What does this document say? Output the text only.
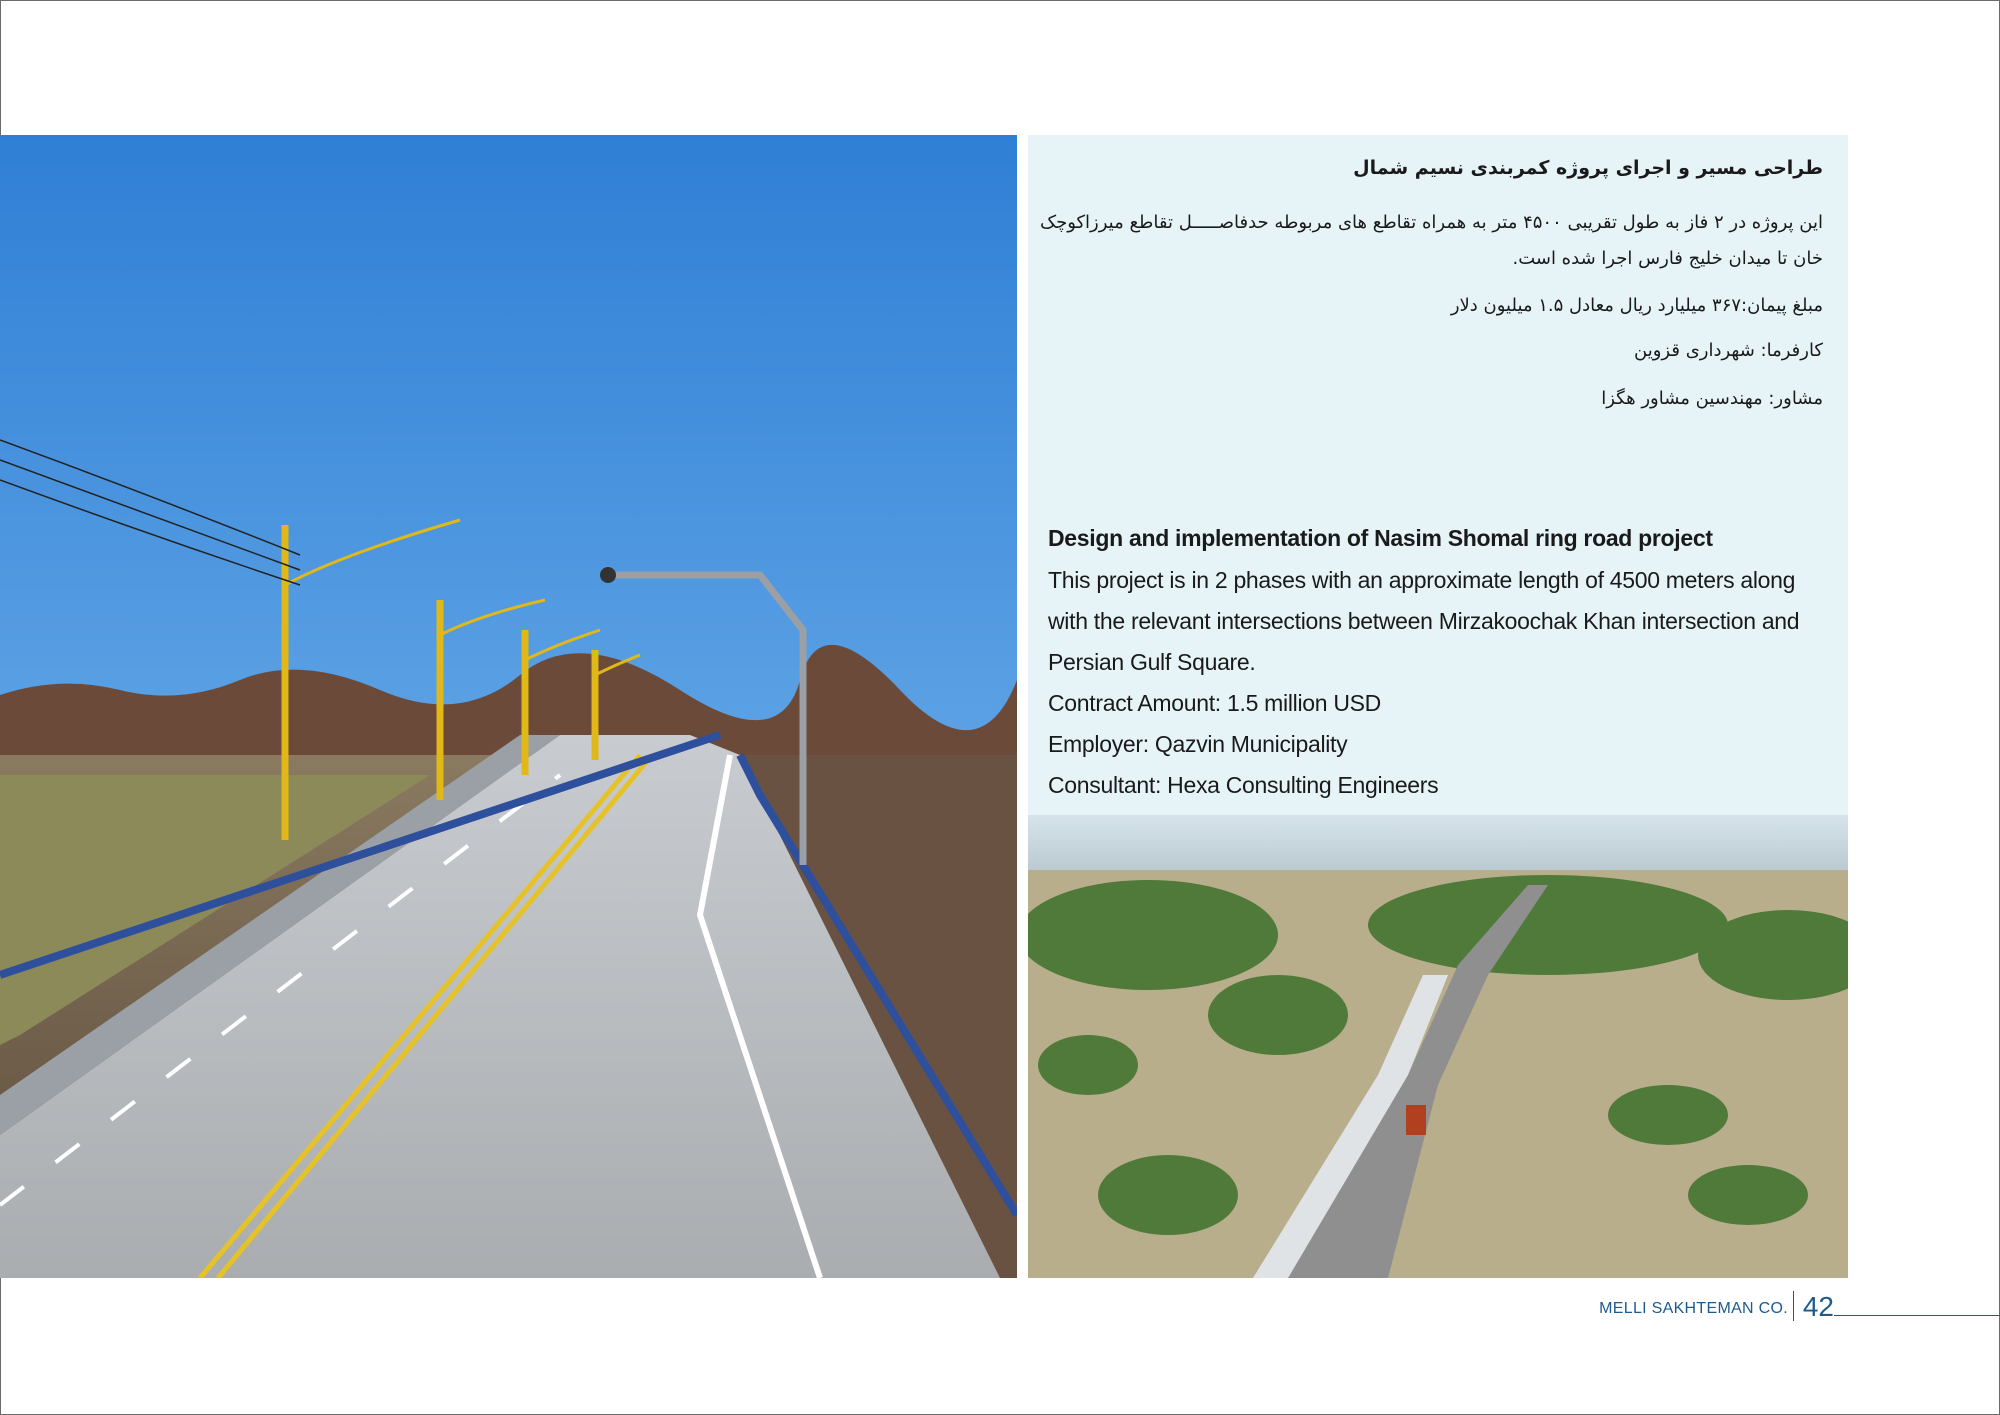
طراحی مسیر و اجرای پروژه کمربندی نسیم شمال
این پروژه در ۲ فاز به طول تقریبی ۴۵۰۰ متر به همراه تقاطع های مربوطه حدفاصـــــل تقاطع میرزاکوچک خان تا میدان خلیج فارس اجرا شده است.
مبلغ پیمان:۳۶۷ میلیارد ریال معادل ۱.۵ میلیون دلار
کارفرما: شهرداری قزوین
مشاور: مهندسین مشاور هگزا
Design and implementation of Nasim Shomal ring road project
This project is in 2 phases with an approximate length of 4500 meters along with the relevant intersections between Mirzakoochak Khan intersection and Persian Gulf Square.
Contract Amount: 1.5 million USD
Employer: Qazvin Municipality
Consultant: Hexa Consulting Engineers
MELLI SAKHTEMAN CO. 42
